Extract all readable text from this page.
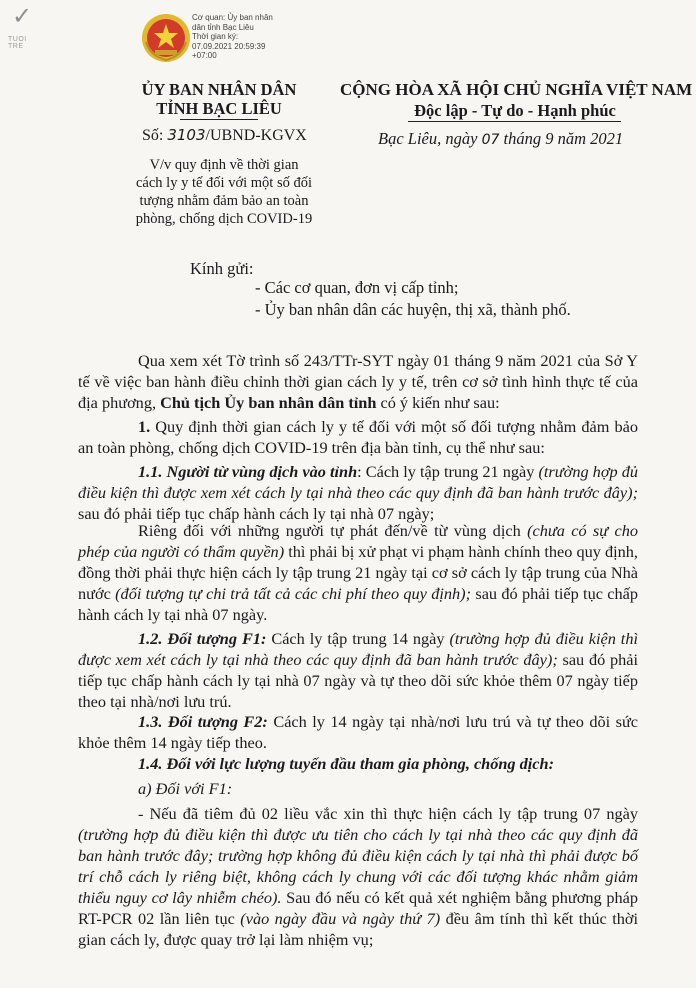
✓
TUOI TRE
Cơ quan: Ủy ban nhân
dân tỉnh Bạc Liêu
Thời gian ký:
07.09.2021 20:59:39
+07:00
ỦY BAN NHÂN DÂN
TỈNH BẠC LIÊU
CỘNG HÒA XÃ HỘI CHỦ NGHĨA VIỆT NAM
Độc lập - Tự do - Hạnh phúc
Số: 3103/UBND-KGVX	Bạc Liêu, ngày 07 tháng 9 năm 2021
V/v quy định về thời gian
cách ly y tế đối với một số đối
tượng nhằm đảm bảo an toàn
phòng, chống dịch COVID-19
Kính gửi:
- Các cơ quan, đơn vị cấp tỉnh;
- Ủy ban nhân dân các huyện, thị xã, thành phố.

Qua xem xét Tờ trình số 243/TTr-SYT ngày 01 tháng 9 năm 2021 của Sở Y tế về việc ban hành điều chỉnh thời gian cách ly y tế, trên cơ sở tình hình thực tế của địa phương, Chủ tịch Ủy ban nhân dân tỉnh có ý kiến như sau:

1. Quy định thời gian cách ly y tế đối với một số đối tượng nhằm đảm bảo an toàn phòng, chống dịch COVID-19 trên địa bàn tỉnh, cụ thể như sau:

1.1. Người từ vùng dịch vào tỉnh: Cách ly tập trung 21 ngày (trường hợp đủ điều kiện thì được xem xét cách ly tại nhà theo các quy định đã ban hành trước đây); sau đó phải tiếp tục chấp hành cách ly tại nhà 07 ngày;

Riêng đối với những người tự phát đến/về từ vùng dịch (chưa có sự cho phép của người có thẩm quyền) thì phải bị xử phạt vi phạm hành chính theo quy định, đồng thời phải thực hiện cách ly tập trung 21 ngày tại cơ sở cách ly tập trung của Nhà nước (đối tượng tự chi trả tất cả các chi phí theo quy định); sau đó phải tiếp tục chấp hành cách ly tại nhà 07 ngày.

1.2. Đối tượng F1: Cách ly tập trung 14 ngày (trường hợp đủ điều kiện thì được xem xét cách ly tại nhà theo các quy định đã ban hành trước đây); sau đó phải tiếp tục chấp hành cách ly tại nhà 07 ngày và tự theo dõi sức khỏe thêm 07 ngày tiếp theo tại nhà/nơi lưu trú.

1.3. Đối tượng F2: Cách ly 14 ngày tại nhà/nơi lưu trú và tự theo dõi sức khỏe thêm 14 ngày tiếp theo.

1.4. Đối với lực lượng tuyến đầu tham gia phòng, chống dịch:

a) Đối với F1:

- Nếu đã tiêm đủ 02 liều vắc xin thì thực hiện cách ly tập trung 07 ngày (trường hợp đủ điều kiện thì được ưu tiên cho cách ly tại nhà theo các quy định đã ban hành trước đây; trường hợp không đủ điều kiện cách ly tại nhà thì phải được bố trí chỗ cách ly riêng biệt, không cách ly chung với các đối tượng khác nhằm giảm thiểu nguy cơ lây nhiễm chéo). Sau đó nếu có kết quả xét nghiệm bằng phương pháp RT-PCR 02 lần liên tục (vào ngày đầu và ngày thứ 7) đều âm tính thì kết thúc thời gian cách ly, được quay trở lại làm nhiệm vụ;
